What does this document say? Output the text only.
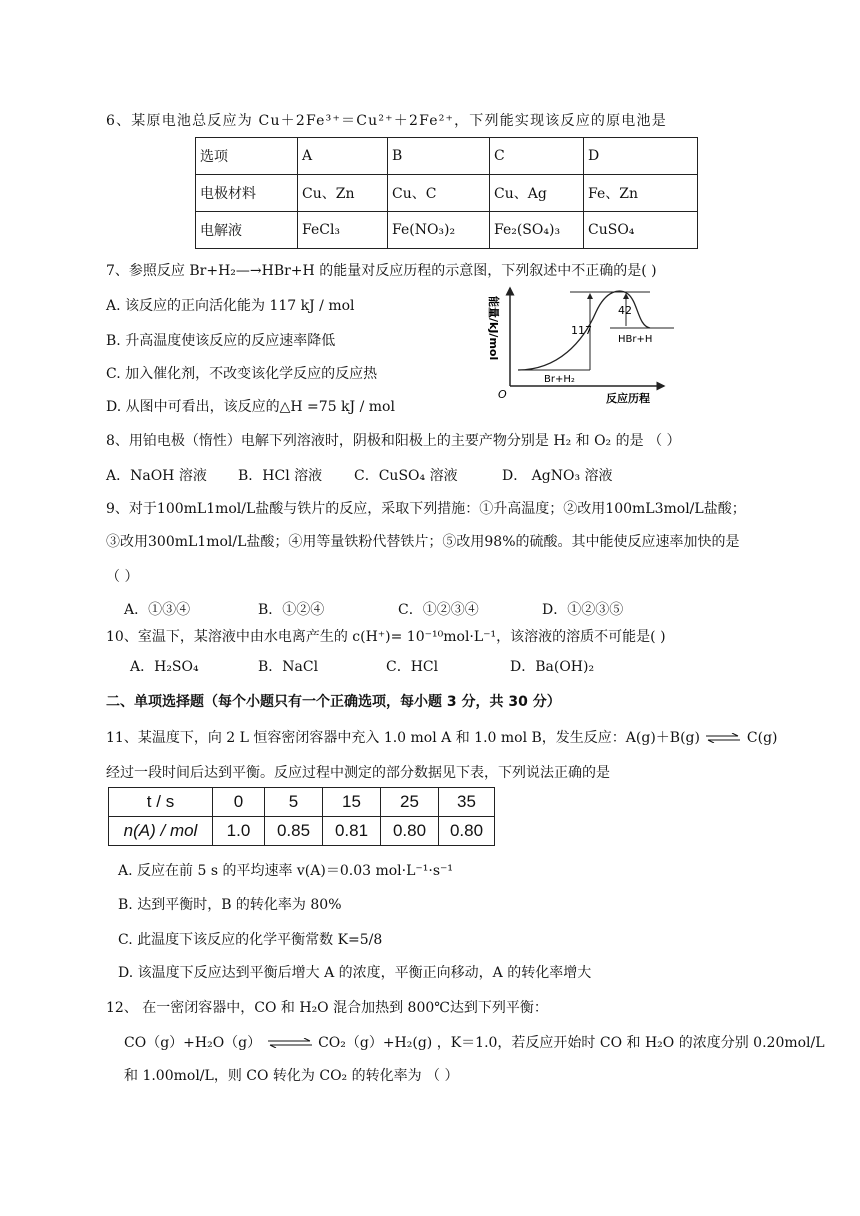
6、某原电池总反应为 Cu＋2Fe³⁺＝Cu²⁺＋2Fe²⁺，下列能实现该反应的原电池是
选项	A	B	C	D
电极材料	Cu、Zn	Cu、C	Cu、Ag	Fe、Zn
电解液	FeCl₃	Fe(NO₃)₂	Fe₂(SO₄)₃	CuSO₄
7、参照反应 Br+H₂—→HBr+H 的能量对反应历程的示意图，下列叙述中不正确的是( )
A. 该反应的正向活化能为 117 kJ / mol
B. 升高温度使该反应的反应速率降低
C. 加入催化剂，不改变该化学反应的反应热
D. 从图中可看出，该反应的△H =75 kJ / mol
能量/kJ/mol
O	反应历程
Br+H₂
HBr+H
117
42
8、用铂电极（惰性）电解下列溶液时，阴极和阳极上的主要产物分别是 H₂ 和 O₂ 的是 （ ）
A．NaOH 溶液 B．HCl 溶液 C．CuSO₄ 溶液	D． AgNO₃ 溶液
9、对于100mL1mol/L盐酸与铁片的反应，采取下列措施：①升高温度；②改用100mL3mol/L盐酸；
③改用300mL1mol/L盐酸；④用等量铁粉代替铁片；⑤改用98%的硫酸。其中能使反应速率加快的是
（ ）
A．①③④	B．①②④	C．①②③④	D．①②③⑤
10、室温下，某溶液中由水电离产生的 c(H⁺)= 10⁻¹⁰mol·L⁻¹，该溶液的溶质不可能是( )
A．H₂SO₄	B．NaCl	C．HCl	D．Ba(OH)₂
二、单项选择题（每个小题只有一个正确选项，每小题 3 分，共 30 分）
11、某温度下，向 2 L 恒容密闭容器中充入 1.0 mol A 和 1.0 mol B，发生反应：A(g)＋B(g) ⇌ C(g)
经过一段时间后达到平衡。反应过程中测定的部分数据见下表，下列说法正确的是
t / s	0	5	15	25	35
n(A) / mol	1.0	0.85	0.81	0.80	0.80
A. 反应在前 5 s 的平均速率 v(A)＝0.03 mol·L⁻¹·s⁻¹
B. 达到平衡时，B 的转化率为 80%
C. 此温度下该反应的化学平衡常数 K=5/8
D. 该温度下反应达到平衡后增大 A 的浓度，平衡正向移动，A 的转化率增大
12、 在一密闭容器中，CO 和 H₂O 混合加热到 800℃达到下列平衡：
CO（g）+H₂O（g） ⇌ CO₂（g）+H₂(g) ，K＝1.0，若反应开始时 CO 和 H₂O 的浓度分别 0.20mol/L
和 1.00mol/L，则 CO 转化为 CO₂ 的转化率为 （ ）
